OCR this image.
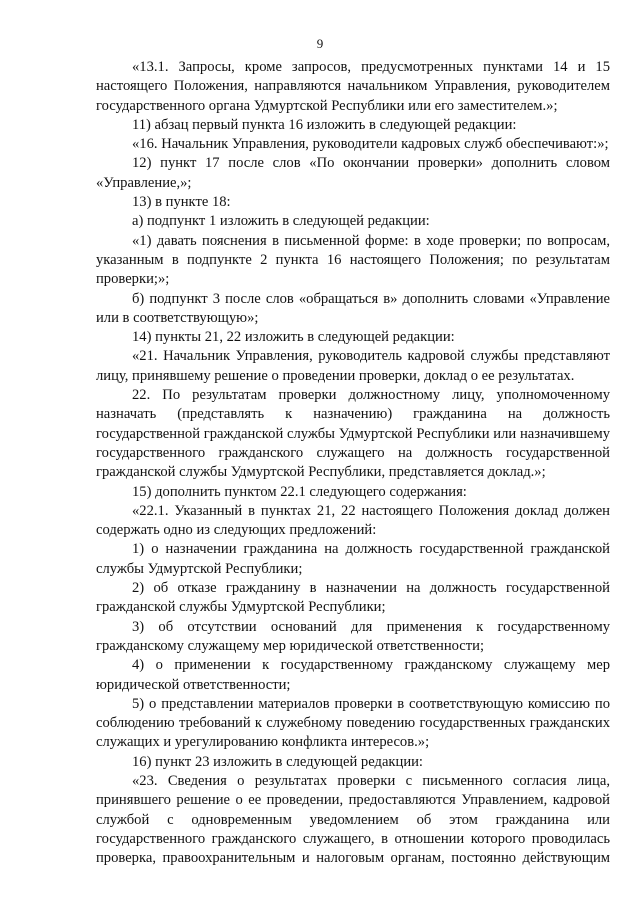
9

«13.1. Запросы, кроме запросов, предусмотренных пунктами 14 и 15 настоящего Положения, направляются начальником Управления, руководителем государственного органа Удмуртской Республики или его заместителем.»;

11) абзац первый пункта 16 изложить в следующей редакции:

«16. Начальник Управления, руководители кадровых служб обеспечивают:»;

12) пункт 17 после слов «По окончании проверки» дополнить словом «Управление,»;

13) в пункте 18:

а) подпункт 1 изложить в следующей редакции:

«1) давать пояснения в письменной форме: в ходе проверки; по вопросам, указанным в подпункте 2 пункта 16 настоящего Положения; по результатам проверки;»;

б) подпункт 3 после слов «обращаться в» дополнить словами «Управление или в соответствующую»;

14) пункты 21, 22 изложить в следующей редакции:

«21. Начальник Управления, руководитель кадровой службы представляют лицу, принявшему решение о проведении проверки, доклад о ее результатах.

22. По результатам проверки должностному лицу, уполномоченному назначать (представлять к назначению) гражданина на должность государственной гражданской службы Удмуртской Республики или назначившему государственного гражданского служащего на должность государственной гражданской службы Удмуртской Республики, представляется доклад.»;

15) дополнить пунктом 22.1 следующего содержания:

«22.1. Указанный в пунктах 21, 22 настоящего Положения доклад должен содержать одно из следующих предложений:

1) о назначении гражданина на должность государственной гражданской службы Удмуртской Республики;

2) об отказе гражданину в назначении на должность государственной гражданской службы Удмуртской Республики;

3) об отсутствии оснований для применения к государственному гражданскому служащему мер юридической ответственности;

4) о применении к государственному гражданскому служащему мер юридической ответственности;

5) о представлении материалов проверки в соответствующую комиссию по соблюдению требований к служебному поведению государственных гражданских служащих и урегулированию конфликта интересов.»;

16) пункт 23 изложить в следующей редакции:

«23. Сведения о результатах проверки с письменного согласия лица, принявшего решение о ее проведении, предоставляются Управлением, кадровой службой с одновременным уведомлением об этом гражданина или государственного гражданского служащего, в отношении которого проводилась проверка, правоохранительным и налоговым органам, постоянно действующим
